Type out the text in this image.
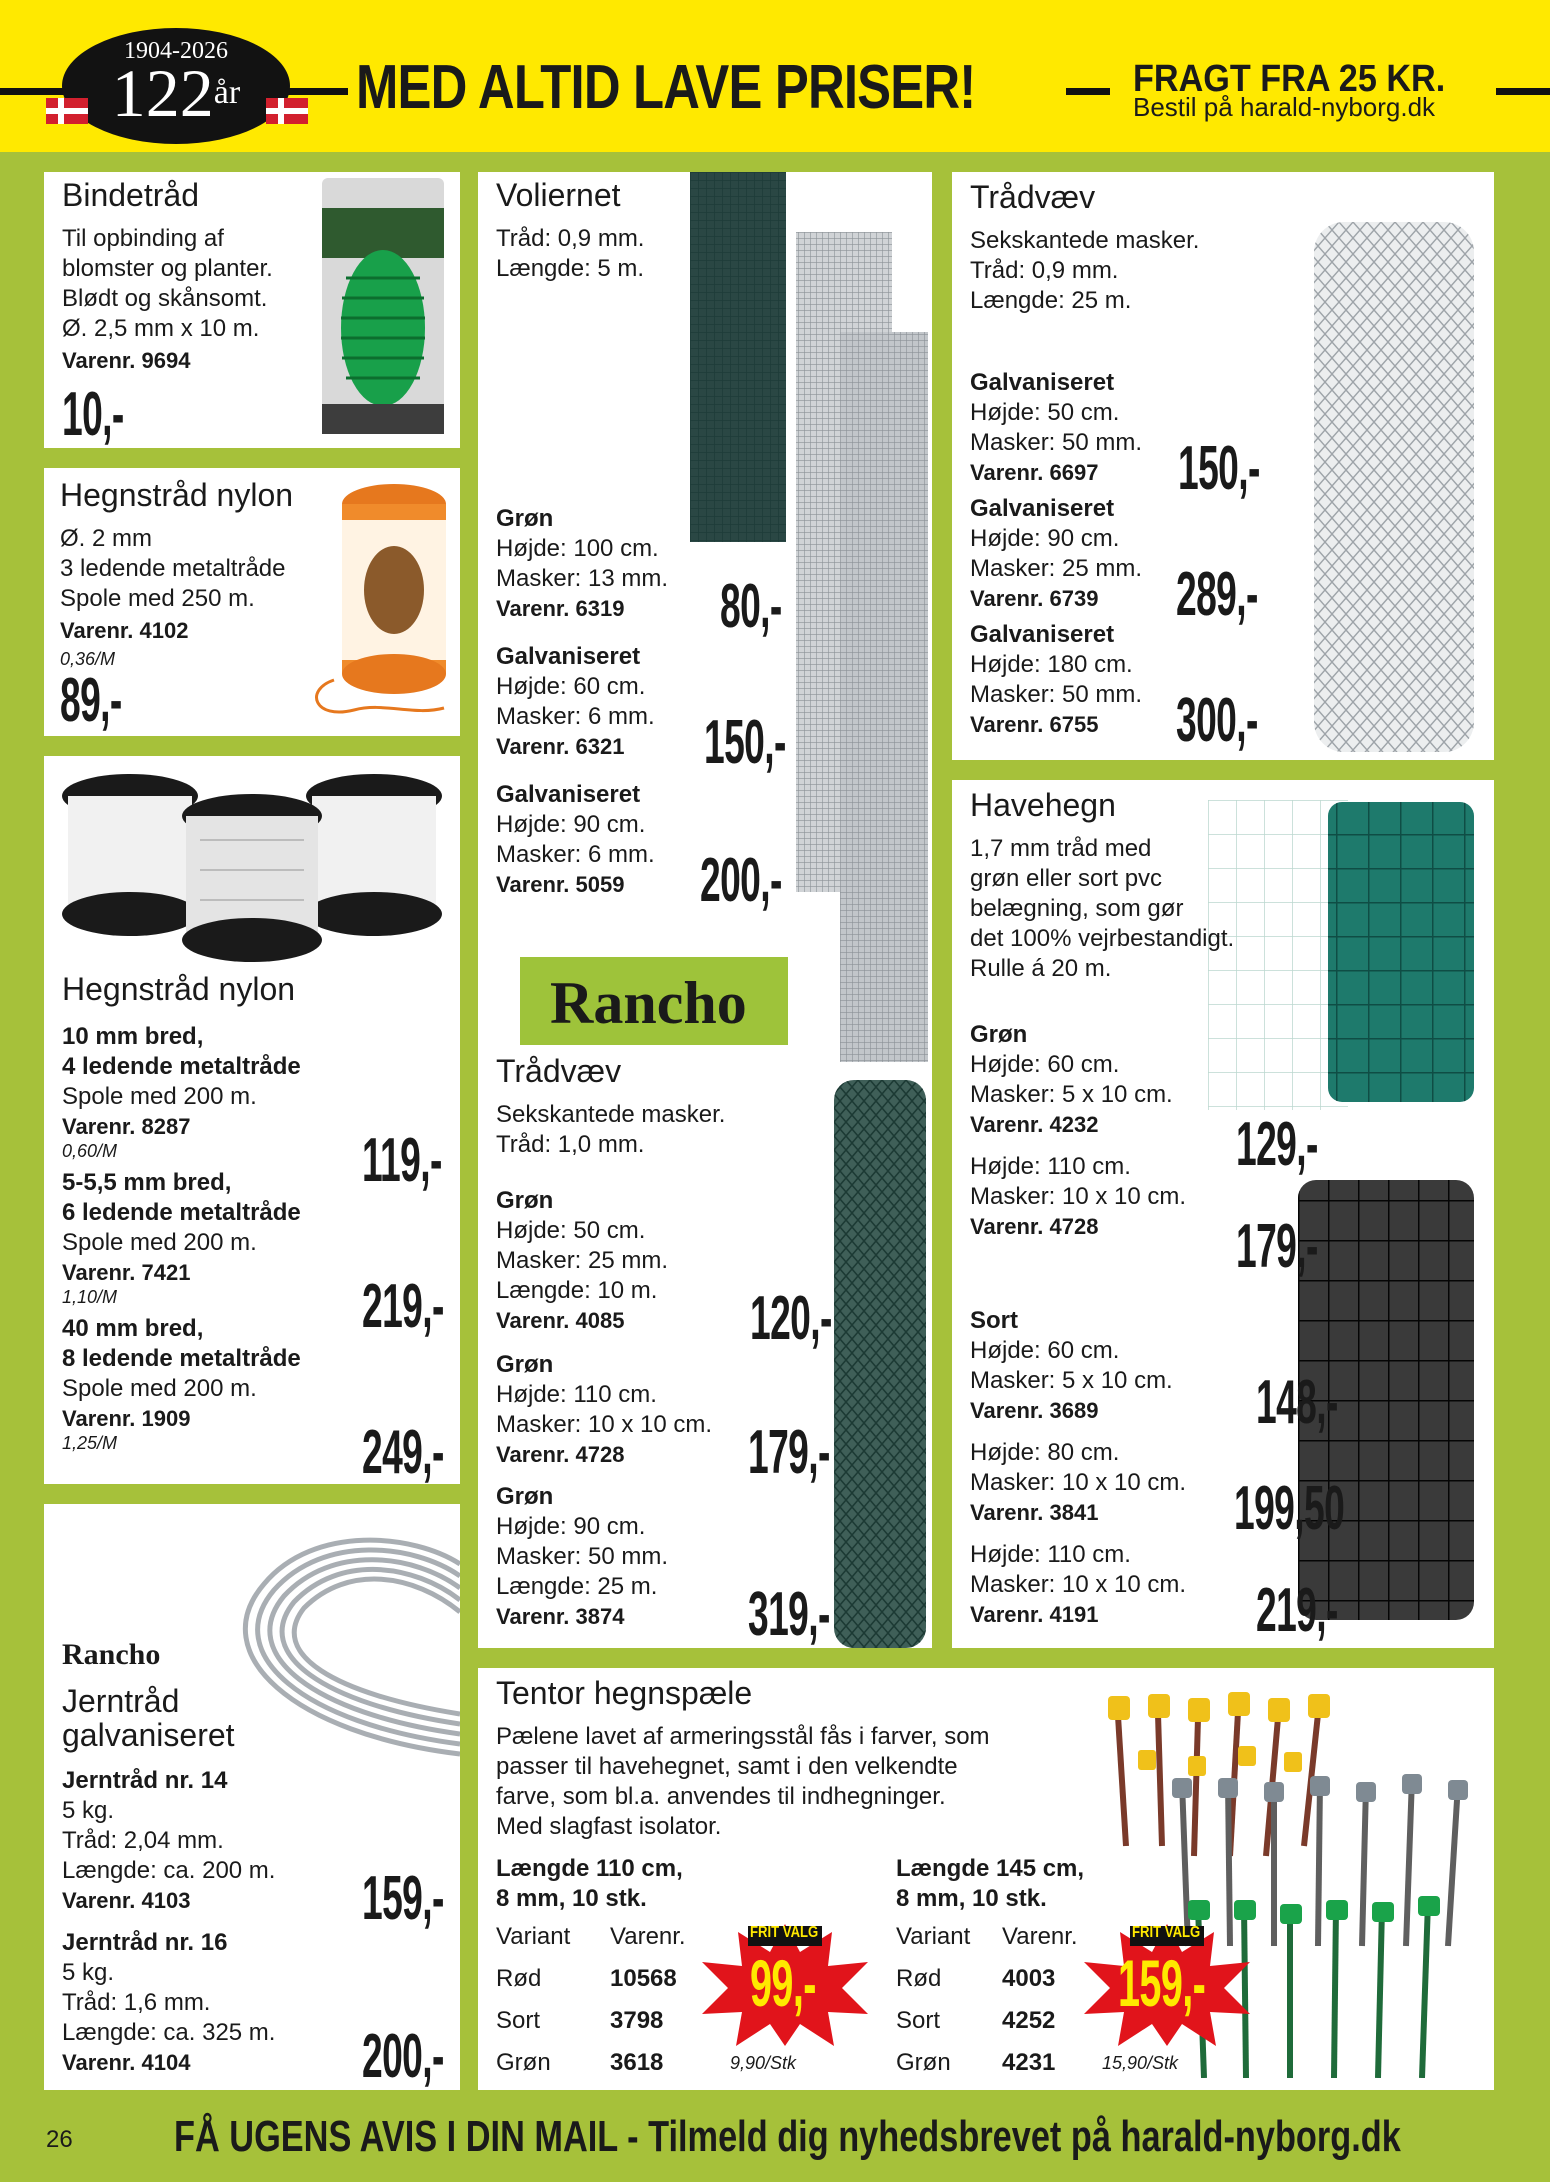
1904-2026
$122^{år}$	MED ALTID LAVE PRISER!	FRAGT FRA 25 KR.
Bestil på harald-nyborg.dk
Bindetråd
Til opbinding af
blomster og planter.
Blødt og skånsomt.
Ø. 2,5 mm x 10 m.
Varenr. 9694
10,-
Hegnstråd nylon
Ø. 2 mm
3 ledende metaltråde
Spole med 250 m.
Varenr. 4102
0,36/M
89,-
Hegnstråd nylon
10 mm bred,
4 ledende metaltråde
Spole med 200 m.
Varenr. 8287
0,60/M	119,-
5-5,5 mm bred,
6 ledende metaltråde
Spole med 200 m.
Varenr. 7421
1,10/M	219,-
40 mm bred,
8 ledende metaltråde
Spole med 200 m.
Varenr. 1909
1,25/M	249,-
Rancho
Jerntråd
galvaniseret
Jerntråd nr. 14
5 kg.
Tråd: 2,04 mm.
Længde: ca. 200 m.
Varenr. 4103	159,-
Jerntråd nr. 16
5 kg.
Tråd: 1,6 mm.
Længde: ca. 325 m.
Varenr. 4104	200,-
Voliernet
Tråd: 0,9 mm.
Længde: 5 m.
Grøn
Højde: 100 cm.
Masker: 13 mm.
Varenr. 6319 80,-
Galvaniseret
Højde: 60 cm.
Masker: 6 mm.
Varenr. 6321 150,-
Galvaniseret
Højde: 90 cm.
Masker: 6 mm.
Varenr. 5059 200,-
Trådvæv
Sekskantede masker.
Tråd: 1,0 mm.
Grøn
Højde: 50 cm.
Masker: 25 mm.
Længde: 10 m.
Varenr. 4085 120,-
Grøn
Højde: 110 cm.
Masker: 10 x 10 cm.
Varenr. 4728 179,-
Grøn
Højde: 90 cm.
Masker: 50 mm.
Længde: 25 m.
Varenr. 3874 319,-
Rancho
Trådvæv
Sekskantede masker.
Tråd: 0,9 mm.
Længde: 25 m.
Galvaniseret
Højde: 50 cm.
Masker: 50 mm.
Varenr. 6697 150,-
Galvaniseret
Højde: 90 cm.
Masker: 25 mm.
Varenr. 6739 289,-
Galvaniseret
Højde: 180 cm.
Masker: 50 mm.
Varenr. 6755 300,-
Havehegn
1,7 mm tråd med
grøn eller sort pvc
belægning, som gør
det 100% vejrbestandigt.
Rulle á 20 m.
Grøn
Højde: 60 cm.
Masker: 5 x 10 cm.
Varenr. 4232 129,-
Højde: 110 cm.
Masker: 10 x 10 cm.
Varenr. 4728 179,-
Sort
Højde: 60 cm.
Masker: 5 x 10 cm.
Varenr. 3689	148,-
Højde: 80 cm.
Masker: 10 x 10 cm.
Varenr. 3841 199,50
Højde: 110 cm.
Masker: 10 x 10 cm.
Varenr. 4191	219,-
Tentor hegnspæle
Pælene lavet af armeringsstål fås i farver, som
passer til havehegnet, samt i den velkendte
farve, som bl.a. anvendes til indhegninger.
Med slagfast isolator.
Længde 110 cm,
8 mm, 10 stk.
Variant Varenr.
Rød	10568
Sort	3798
Grøn 3618
FRIT VALG
99,-
9,90/Stk
Længde 145 cm,
8 mm, 10 stk.
Variant Varenr.
Rød	4003
Sort	4252
Grøn 4231
FRIT VALG
159,-
15,90/Stk
26 FÅ UGENS AVIS I DIN MAIL - Tilmeld dig nyhedsbrevet på harald-nyborg.dk
